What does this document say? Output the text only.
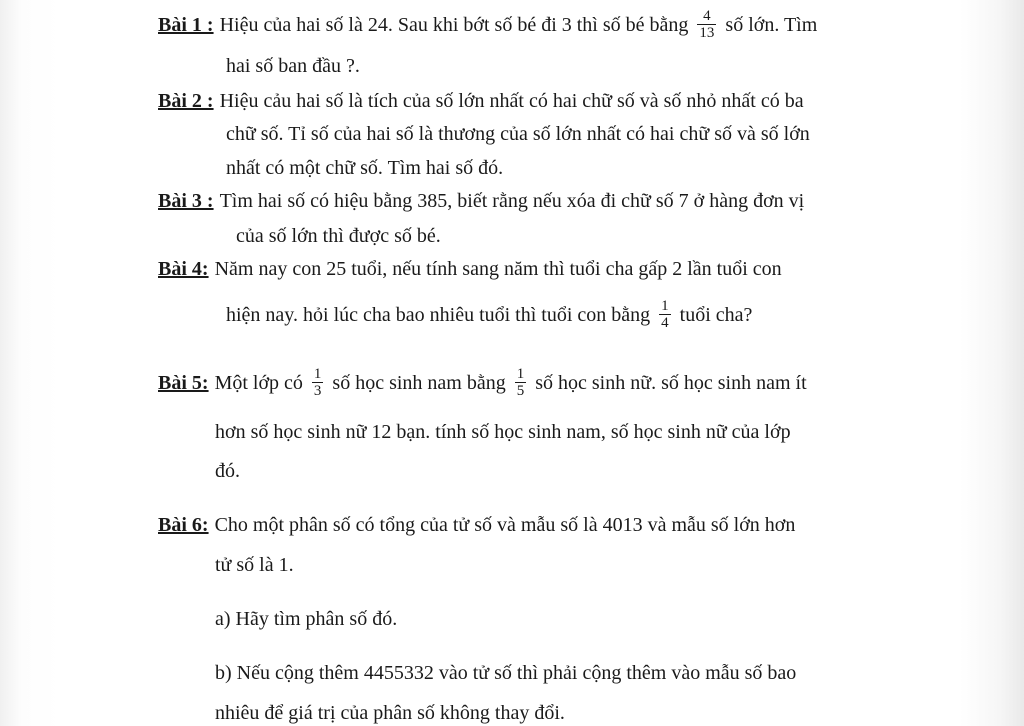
Bài 1 : Hiệu của hai số là 24. Sau khi bớt số bé đi 3 thì số bé bằng $\frac{4}{13}$ số lớn. Tìm
hai số ban đầu ?.
Bài 2 : Hiệu cảu hai số là tích của số lớn nhất có hai chữ số và số nhỏ nhất có ba
chữ số. Tỉ số của hai số là thương của số lớn nhất có hai chữ số và số lớn
nhất có một chữ số. Tìm hai số đó.
Bài 3 : Tìm hai số có hiệu bằng 385, biết rằng nếu xóa đi chữ số 7 ở hàng đơn vị
của số lớn thì được số bé.
Bài 4: Năm nay con 25 tuổi, nếu tính sang năm thì tuổi cha gấp 2 lần tuổi con
hiện nay. hỏi lúc cha bao nhiêu tuổi thì tuổi con bằng $\frac{1}{4}$ tuổi cha?
Bài 5: Một lớp có $\frac{1}{3}$ số học sinh nam bằng $\frac{1}{5}$ số học sinh nữ. số học sinh nam ít
hơn số học sinh nữ 12 bạn. tính số học sinh nam, số học sinh nữ của lớp
đó.
Bài 6: Cho một phân số có tổng của tử số và mẫu số là 4013 và mẫu số lớn hơn
tử số là 1.
a) Hãy tìm phân số đó.
b) Nếu cộng thêm 4455332 vào tử số thì phải cộng thêm vào mẫu số bao
nhiêu để giá trị của phân số không thay đổi.
